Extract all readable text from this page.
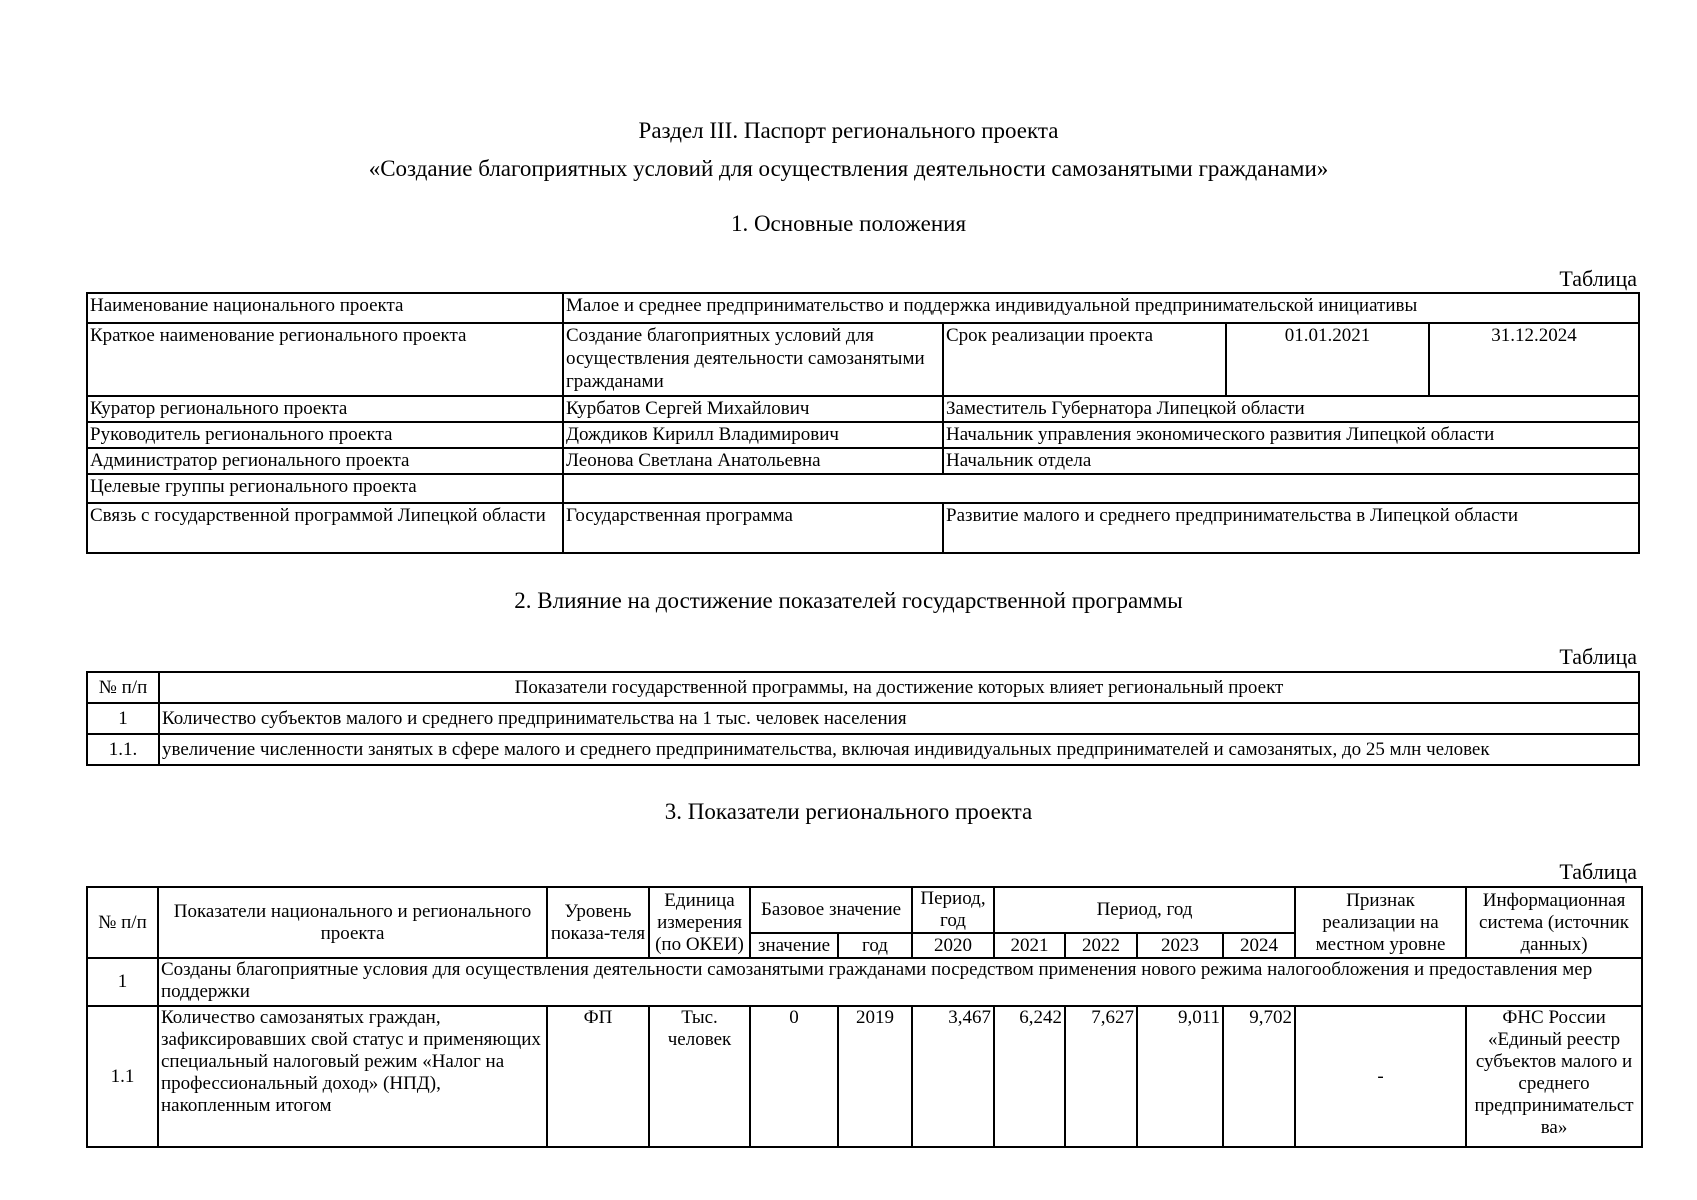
Раздел III. Паспорт регионального проекта
«Создание благоприятных условий для осуществления деятельности самозанятыми гражданами»
1. Основные положения
Таблица
Наименование национального проекта	Малое и среднее предпринимательство и поддержка индивидуальной предпринимательской инициативы			
Краткое наименование регионального проекта	Создание благоприятных условий для осуществления деятельности самозанятыми гражданами	Срок реализации проекта	01.01.2021	31.12.2024
Куратор регионального проекта	Курбатов Сергей Михайлович	Заместитель Губернатора Липецкой области		
Руководитель регионального проекта	Дождиков Кирилл Владимирович	Начальник управления экономического развития Липецкой области		
Администратор регионального проекта	Леонова Светлана Анатольевна	Начальник отдела		
Целевые группы регионального проекта				
Связь с государственной программой Липецкой области	Государственная программа	Развитие малого и среднего предпринимательства в Липецкой области		
2. Влияние на достижение показателей государственной программы
Таблица
№ п/п	Показатели государственной программы, на достижение которых влияет региональный проект
1	Количество субъектов малого и среднего предпринимательства на 1 тыс. человек населения
1.1.	увеличение численности занятых в сфере малого и среднего предпринимательства, включая индивидуальных предпринимателей и самозанятых, до 25 млн человек
3. Показатели регионального проекта
Таблица
№ п/п	Показатели национального и регионального проекта	Уровень показа-теля	Единица измерения (по ОКЕИ)	Базовое значение		Период, год	Период, год				Признак реализации на местном уровне	Информационная система (источник данных)
				значение	год	2020	2021	2022	2023	2024		
1	Созданы благоприятные условия для осуществления деятельности самозанятыми гражданами посредством применения нового режима налогообложения и предоставления мер поддержки											
1.1	Количество самозанятых граждан, зафиксировавших свой статус и применяющих специальный налоговый режим «Налог на профессиональный доход» (НПД), накопленным итогом	ФП	Тыс. человек	0	2019	3,467	6,242	7,627	9,011	9,702	-	ФНС России «Единый реестр субъектов малого и среднего предпринимательст ва»
